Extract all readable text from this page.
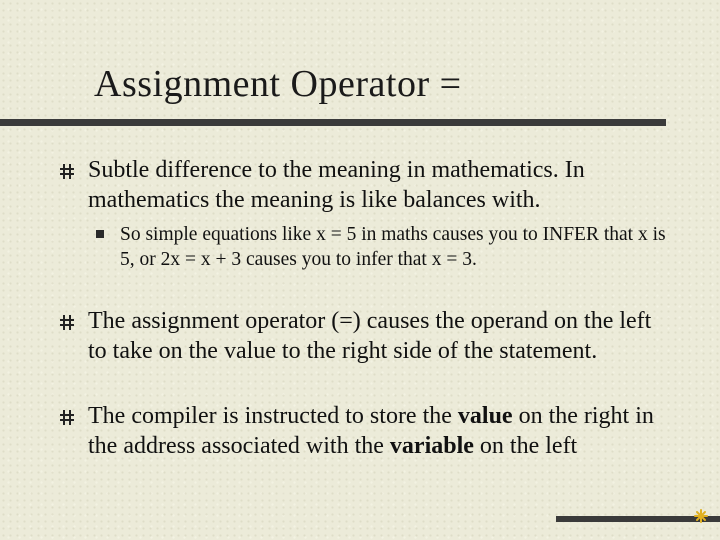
Assignment Operator =
Subtle difference to the meaning in mathematics. In mathematics the meaning is like balances with.
So simple equations like x = 5 in maths causes you to INFER that x is 5, or 2x = x + 3 causes you to infer that x = 3.
The assignment operator (=) causes the operand on the left to take on the value to the right side of the statement.
The compiler is instructed to store the value on the right in the address associated with the variable on the left
